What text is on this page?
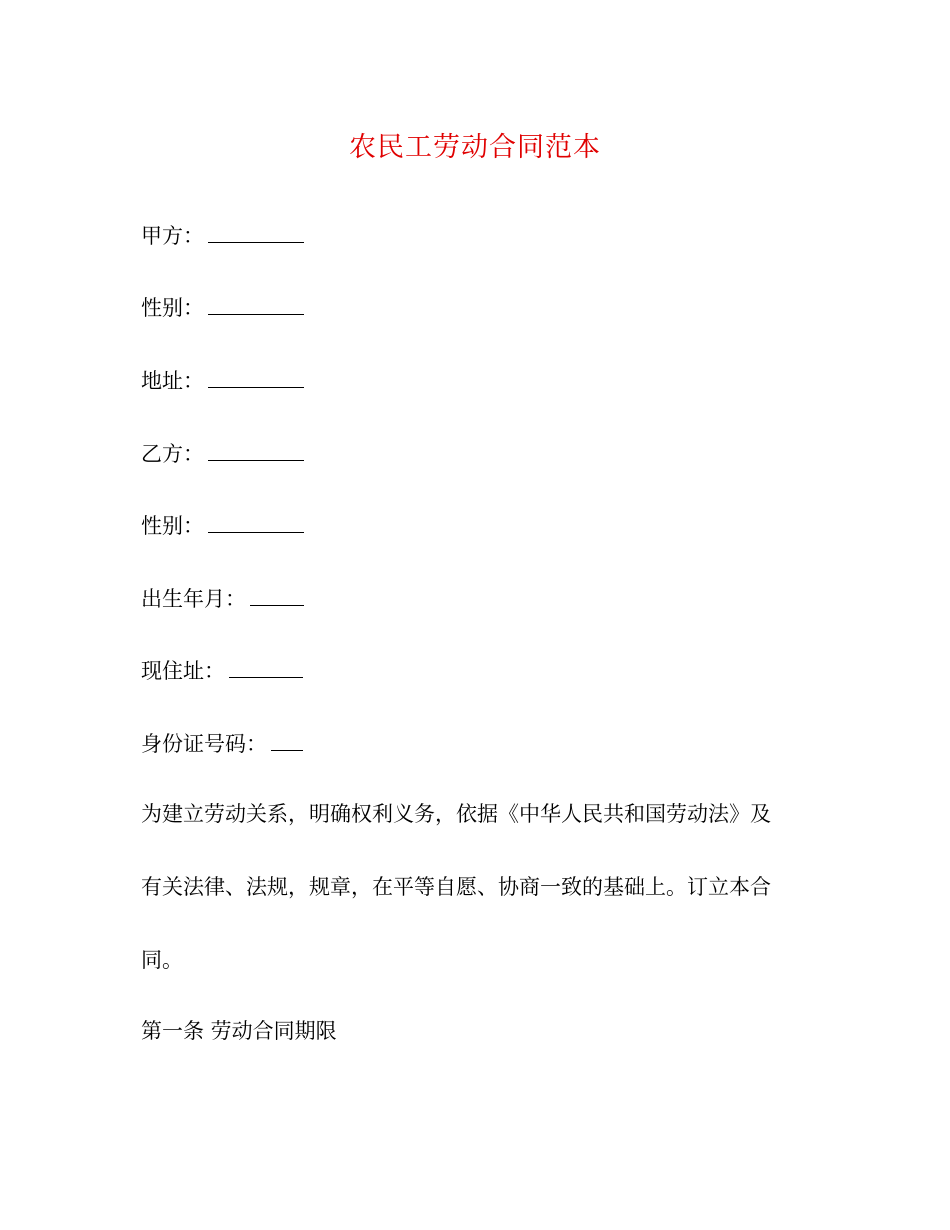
农民工劳动合同范本
甲方：
性别：
地址：
乙方：
性别：
出生年月：
现住址：
身份证号码：
为建立劳动关系，明确权利义务，依据《中华人民共和国劳动法》及
有关法律、法规，规章，在平等自愿、协商一致的基础上。订立本合
同。
第一条 劳动合同期限
